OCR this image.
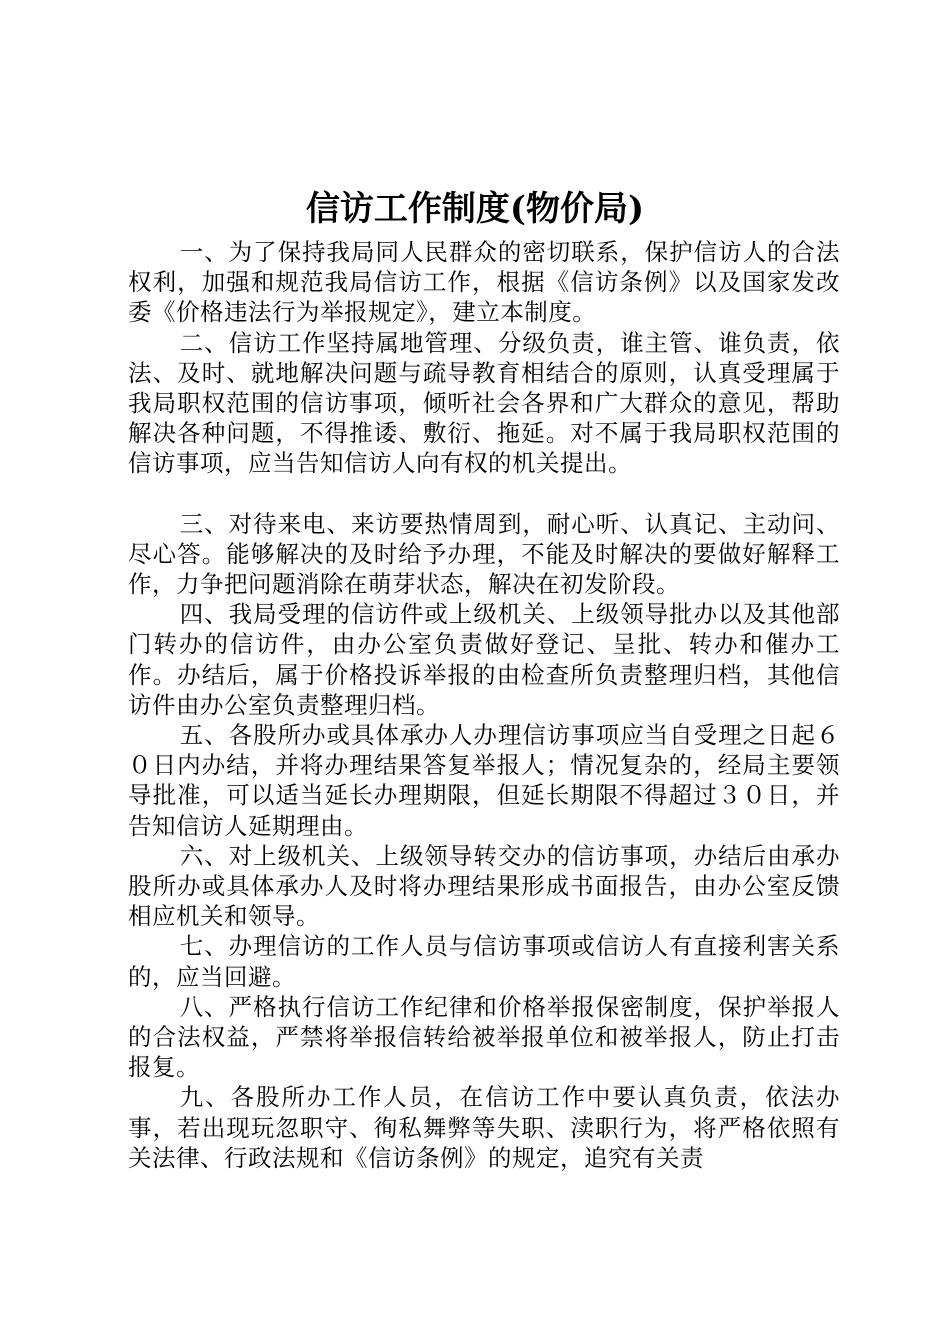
信访工作制度(物价局)

一、为了保持我局同人民群众的密切联系，保护信访人的合法权利，加强和规范我局信访工作，根据《信访条例》以及国家发改委《价格违法行为举报规定》，建立本制度。

二、信访工作坚持属地管理、分级负责，谁主管、谁负责，依法、及时、就地解决问题与疏导教育相结合的原则，认真受理属于我局职权范围的信访事项，倾听社会各界和广大群众的意见，帮助解决各种问题，不得推诿、敷衍、拖延。对不属于我局职权范围的信访事项，应当告知信访人向有权的机关提出。

三、对待来电、来访要热情周到，耐心听、认真记、主动问、尽心答。能够解决的及时给予办理，不能及时解决的要做好解释工作，力争把问题消除在萌芽状态，解决在初发阶段。

四、我局受理的信访件或上级机关、上级领导批办以及其他部门转办的信访件，由办公室负责做好登记、呈批、转办和催办工作。办结后，属于价格投诉举报的由检查所负责整理归档，其他信访件由办公室负责整理归档。

五、各股所办或具体承办人办理信访事项应当自受理之日起６０日内办结，并将办理结果答复举报人；情况复杂的，经局主要领导批准，可以适当延长办理期限，但延长期限不得超过３０日，并告知信访人延期理由。

六、对上级机关、上级领导转交办的信访事项，办结后由承办股所办或具体承办人及时将办理结果形成书面报告，由办公室反馈相应机关和领导。

七、办理信访的工作人员与信访事项或信访人有直接利害关系的，应当回避。

八、严格执行信访工作纪律和价格举报保密制度，保护举报人的合法权益，严禁将举报信转给被举报单位和被举报人，防止打击报复。

九、各股所办工作人员，在信访工作中要认真负责，依法办事，若出现玩忽职守、徇私舞弊等失职、渎职行为，将严格依照有关法律、行政法规和《信访条例》的规定，追究有关责
